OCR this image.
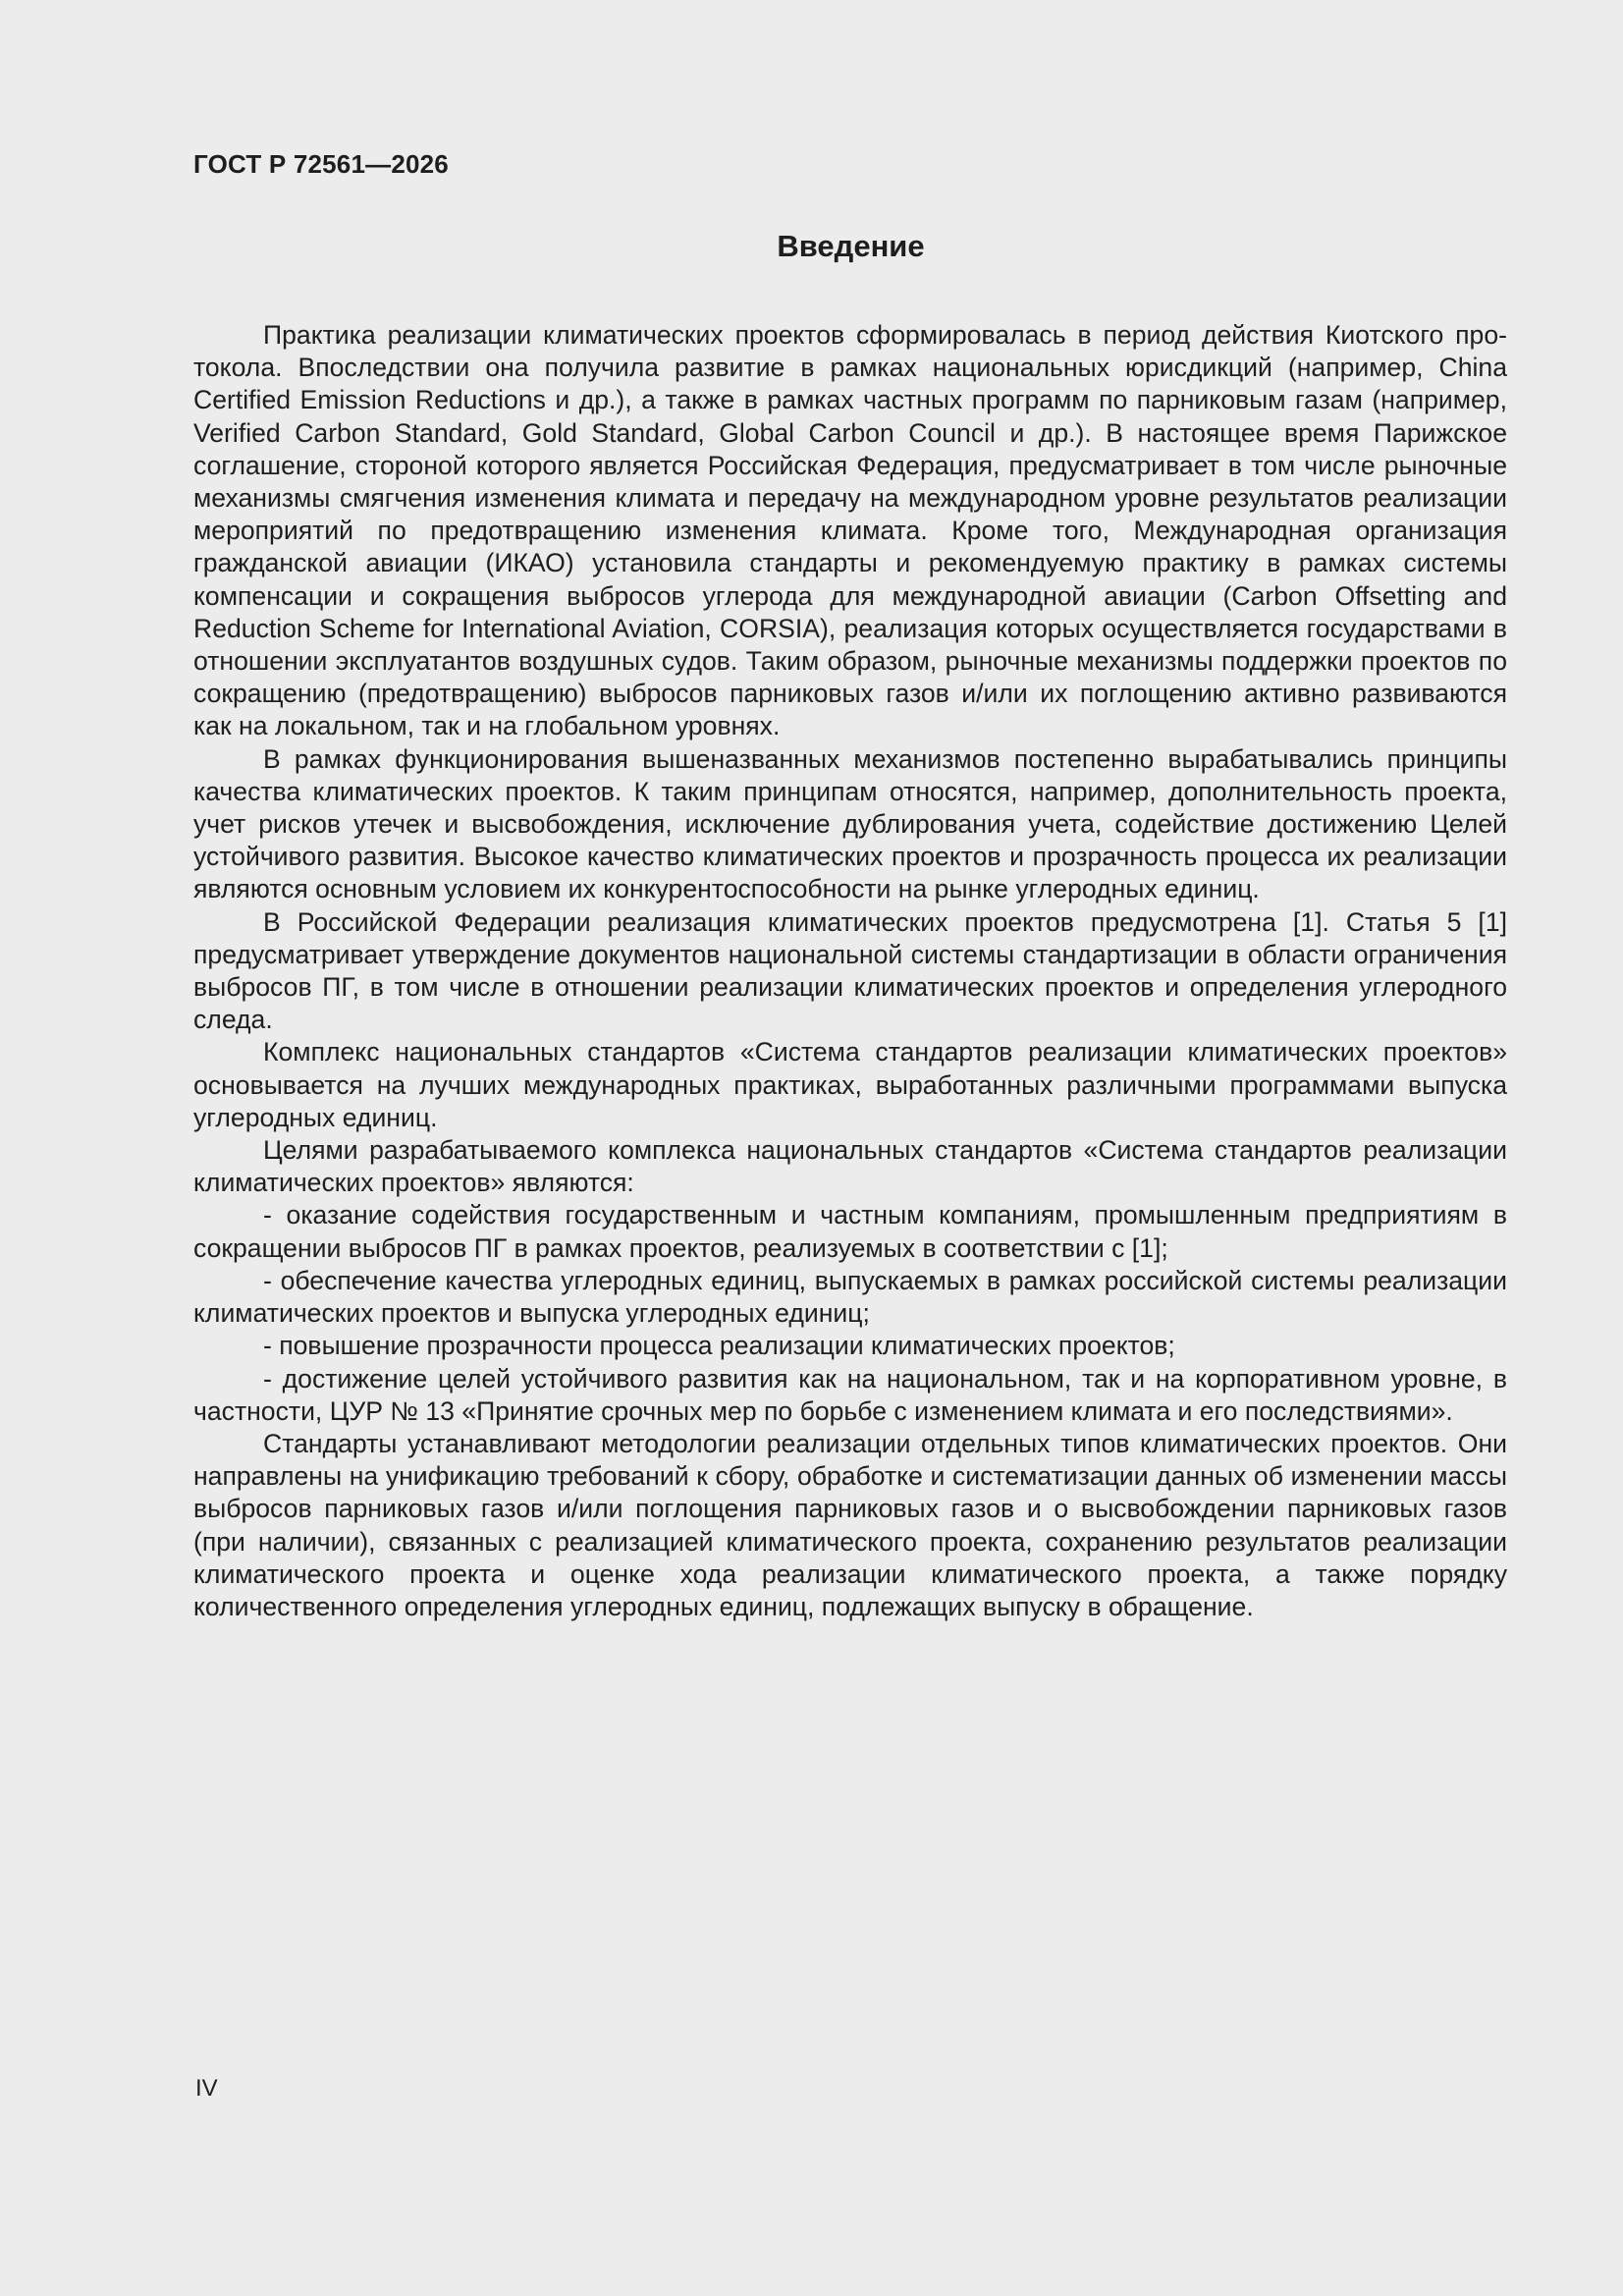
ГОСТ Р 72561—2026
Введение

Практика реализации климатических проектов сформировалась в период действия Киотского протокола. Впоследствии она получила развитие в рамках национальных юрисдикций (например, China Certified Emission Reductions и др.), а также в рамках частных программ по парниковым газам (например, Verified Carbon Standard, Gold Standard, Global Carbon Council и др.). В настоящее время Парижское соглашение, стороной которого является Российская Федерация, предусматривает в том числе рыночные механизмы смягчения изменения климата и передачу на международном уровне результатов реализации мероприятий по предотвращению изменения климата. Кроме того, Международная организация гражданской авиации (ИКАО) установила стандарты и рекомендуемую практику в рамках системы компенсации и сокращения выбросов углерода для международной авиации (Carbon Offsetting and Reduction Scheme for International Aviation, CORSIA), реализация которых осуществляется государствами в отношении эксплуатантов воздушных судов. Таким образом, рыночные механизмы поддержки проектов по сокращению (предотвращению) выбросов парниковых газов и/или их поглощению активно развиваются как на локальном, так и на глобальном уровнях.

В рамках функционирования вышеназванных механизмов постепенно вырабатывались принципы качества климатических проектов. К таким принципам относятся, например, дополнительность проекта, учет рисков утечек и высвобождения, исключение дублирования учета, содействие достижению Целей устойчивого развития. Высокое качество климатических проектов и прозрачность процесса их реализации являются основным условием их конкурентоспособности на рынке углеродных единиц.

В Российской Федерации реализация климатических проектов предусмотрена [1]. Статья 5 [1] предусматривает утверждение документов национальной системы стандартизации в области ограничения выбросов ПГ, в том числе в отношении реализации климатических проектов и определения углеродного следа.

Комплекс национальных стандартов «Система стандартов реализации климатических проектов» основывается на лучших международных практиках, выработанных различными программами выпуска углеродных единиц.

Целями разрабатываемого комплекса национальных стандартов «Система стандартов реализации климатических проектов» являются:

- оказание содействия государственным и частным компаниям, промышленным предприятиям в сокращении выбросов ПГ в рамках проектов, реализуемых в соответствии с [1];

- обеспечение качества углеродных единиц, выпускаемых в рамках российской системы реализации климатических проектов и выпуска углеродных единиц;

- повышение прозрачности процесса реализации климатических проектов;

- достижение целей устойчивого развития как на национальном, так и на корпоративном уровне, в частности, ЦУР № 13 «Принятие срочных мер по борьбе с изменением климата и его последствиями».

Стандарты устанавливают методологии реализации отдельных типов климатических проектов. Они направлены на унификацию требований к сбору, обработке и систематизации данных об изменении массы выбросов парниковых газов и/или поглощения парниковых газов и о высвобождении парниковых газов (при наличии), связанных с реализацией климатического проекта, сохранению результатов реализации климатического проекта и оценке хода реализации климатического проекта, а также порядку количественного определения углеродных единиц, подлежащих выпуску в обращение.

IV
